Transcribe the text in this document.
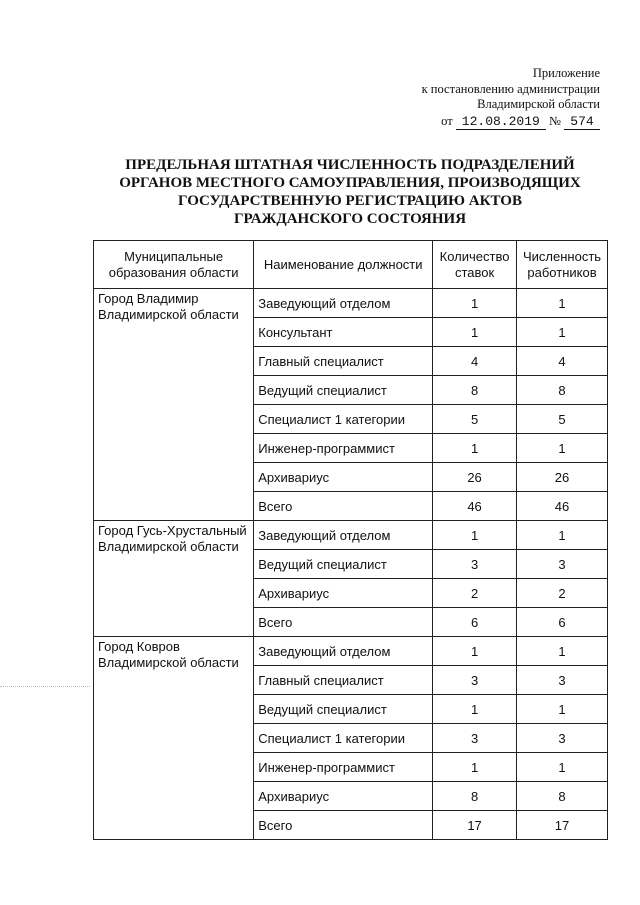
Приложение
к постановлению администрации
Владимирской области
от 12.08.2019 № 574
ПРЕДЕЛЬНАЯ ШТАТНАЯ ЧИСЛЕННОСТЬ ПОДРАЗДЕЛЕНИЙ
ОРГАНОВ МЕСТНОГО САМОУПРАВЛЕНИЯ, ПРОИЗВОДЯЩИХ
ГОСУДАРСТВЕННУЮ РЕГИСТРАЦИЮ АКТОВ
ГРАЖДАНСКОГО СОСТОЯНИЯ
Муниципальные образования области	Наименование должности	Количество ставок	Численность работников
Город Владимир Владимирской области	Заведующий отделом	1	1
	Консультант	1	1
	Главный специалист	4	4
	Ведущий специалист	8	8
	Специалист 1 категории	5	5
	Инженер-программист	1	1
	Архивариус	26	26
	Всего	46	46
Город Гусь-Хрустальный Владимирской области	Заведующий отделом	1	1
	Ведущий специалист	3	3
	Архивариус	2	2
	Всего	6	6
Город Ковров Владимирской области	Заведующий отделом	1	1
	Главный специалист	3	3
	Ведущий специалист	1	1
	Специалист 1 категории	3	3
	Инженер-программист	1	1
	Архивариус	8	8
	Всего	17	17
